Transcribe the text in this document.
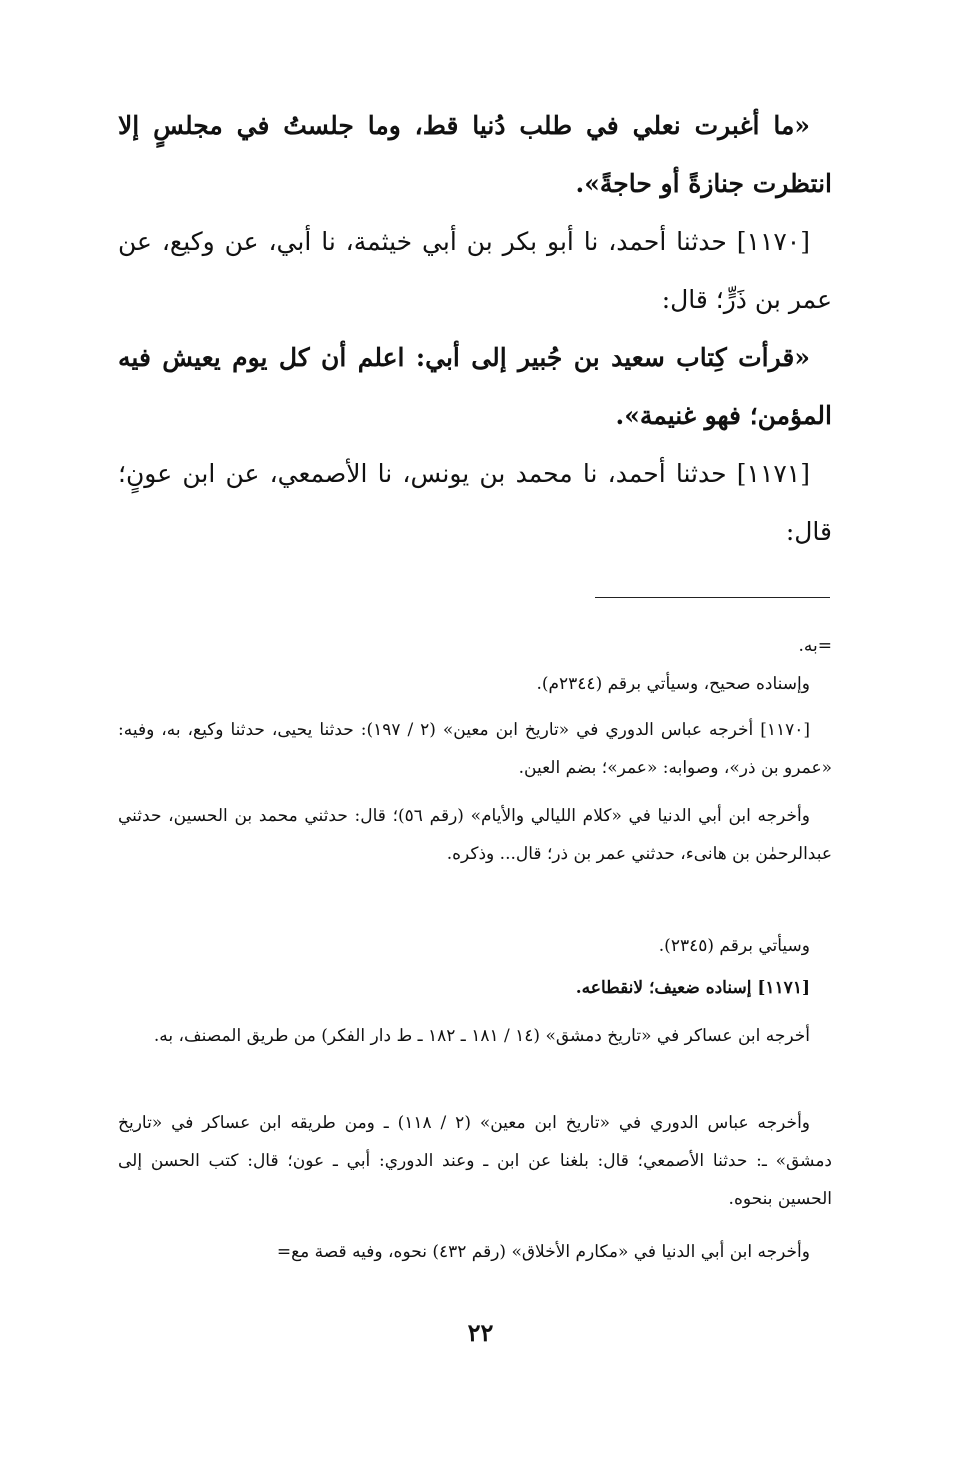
«ما أغبرت نعلي في طلب دُنيا قط، وما جلستُ في مجلسٍ إلا انتظرت جنازةً أو حاجةً».
[١١٧٠] حدثنا أحمد، نا أبو بكر بن أبي خيثمة، نا أبي، عن وكيع، عن عمر بن ذَرٍّ؛ قال:
«قرأت كِتاب سعيد بن جُبير إلى أبي: اعلم أن كل يوم يعيش فيه المؤمن؛ فهو غنيمة».
[١١٧١] حدثنا أحمد، نا محمد بن يونس، نا الأصمعي، عن ابن عونٍ؛ قال:
=به.
وإسناده صحيح، وسيأتي برقم (٢٣٤٤م).
[١١٧٠] أخرجه عباس الدوري في «تاريخ ابن معين» (٢ / ١٩٧): حدثنا يحيى، حدثنا وكيع، به، وفيه: «عمرو بن ذر»، وصوابه: «عمر»؛ بضم العين.
وأخرجه ابن أبي الدنيا في «كلام الليالي والأيام» (رقم ٥٦)؛ قال: حدثني محمد بن الحسين، حدثني عبدالرحمٰن بن هانىء، حدثني عمر بن ذر؛ قال... وذكره.
وسيأتي برقم (٢٣٤٥).
[١١٧١] إسناده ضعيف؛ لانقطاعه.
أخرجه ابن عساكر في «تاريخ دمشق» (١٤ / ١٨١ ـ ١٨٢ ـ ط دار الفكر) من طريق المصنف، به.
وأخرجه عباس الدوري في «تاريخ ابن معين» (٢ / ١١٨) ـ ومن طريقه ابن عساكر في «تاريخ دمشق» ـ: حدثنا الأصمعي؛ قال: بلغنا عن ابن ـ وعند الدوري: أبي ـ عون؛ قال: كتب الحسن إلى الحسين بنحوه.
وأخرجه ابن أبي الدنيا في «مكارم الأخلاق» (رقم ٤٣٢) نحوه، وفيه قصة مع=
٢٢
